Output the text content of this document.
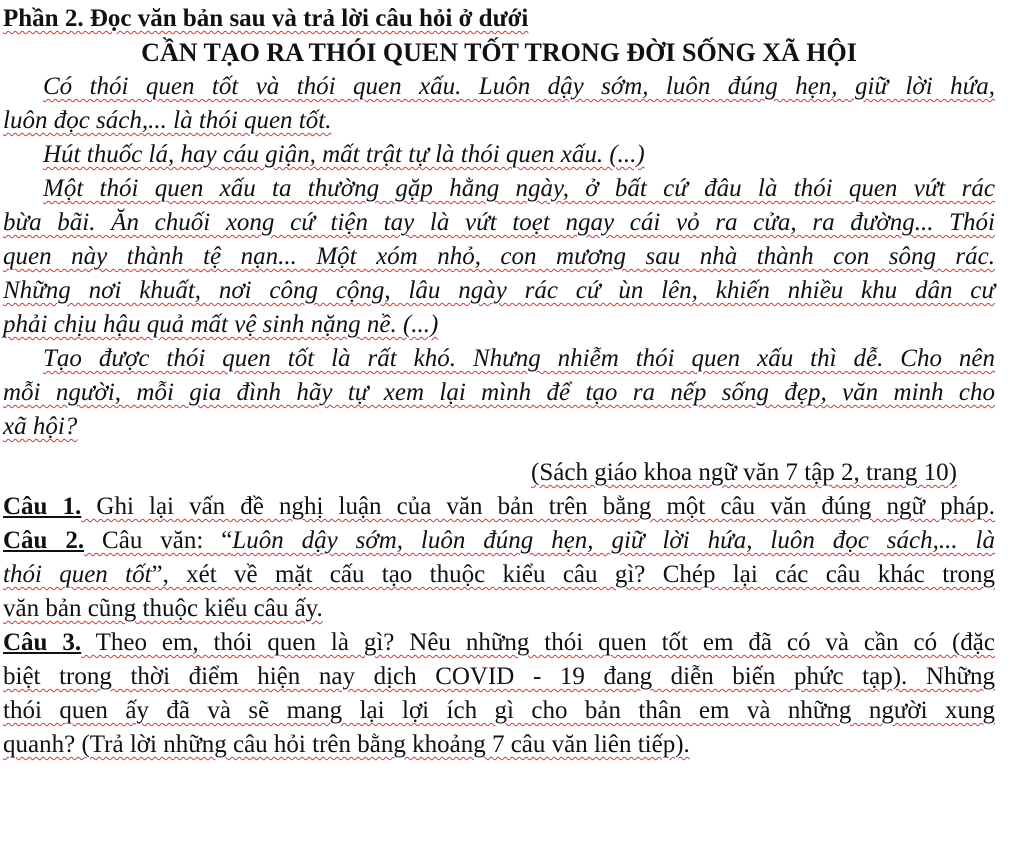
Phần 2. Đọc văn bản sau và trả lời câu hỏi ở dưới
CẦN TẠO RA THÓI QUEN TỐT TRONG ĐỜI SỐNG XÃ HỘI
Có thói quen tốt và thói quen xấu. Luôn dậy sớm, luôn đúng hẹn, giữ lời hứa,
luôn đọc sách,... là thói quen tốt.
Hút thuốc lá, hay cáu giận, mất trật tự là thói quen xấu. (...)
Một thói quen xấu ta thường gặp hằng ngày, ở bất cứ đâu là thói quen vứt rác
bừa bãi. Ăn chuối xong cứ tiện tay là vứt toẹt ngay cái vỏ ra cửa, ra đường... Thói
quen này thành tệ nạn... Một xóm nhỏ, con mương sau nhà thành con sông rác.
Những nơi khuất, nơi công cộng, lâu ngày rác cứ ùn lên, khiến nhiều khu dân cư
phải chịu hậu quả mất vệ sinh nặng nề. (...)
Tạo được thói quen tốt là rất khó. Nhưng nhiễm thói quen xấu thì dễ. Cho nên
mỗi người, mỗi gia đình hãy tự xem lại mình để tạo ra nếp sống đẹp, văn minh cho
xã hội?
(Sách giáo khoa ngữ văn 7 tập 2, trang 10)
Câu 1. Ghi lại vấn đề nghị luận của văn bản trên bằng một câu văn đúng ngữ pháp.
Câu 2. Câu văn: “Luôn dậy sớm, luôn đúng hẹn, giữ lời hứa, luôn đọc sách,... là
thói quen tốt”, xét về mặt cấu tạo thuộc kiểu câu gì? Chép lại các câu khác trong
văn bản cũng thuộc kiểu câu ấy.
Câu 3. Theo em, thói quen là gì? Nêu những thói quen tốt em đã có và cần có (đặc
biệt trong thời điểm hiện nay dịch COVID - 19 đang diễn biến phức tạp). Những
thói quen ấy đã và sẽ mang lại lợi ích gì cho bản thân em và những người xung
quanh? (Trả lời những câu hỏi trên bằng khoảng 7 câu văn liên tiếp).
